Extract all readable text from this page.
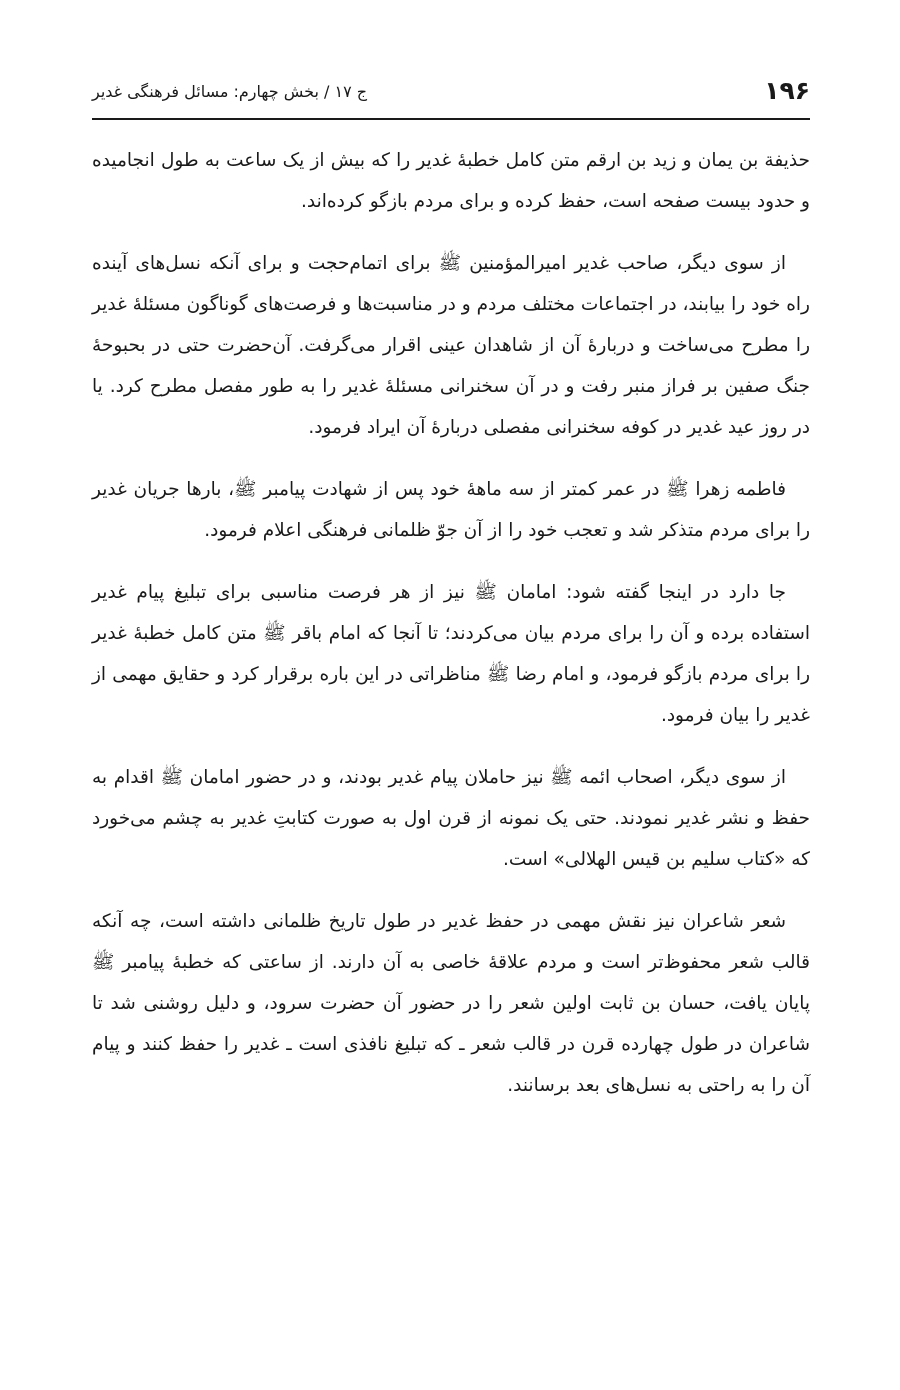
۱۹۶
ج ۱۷ / بخش چهارم: مسائل فرهنگی غدیر

حذیفة بن یمان و زید بن ارقم متن کامل خطبهٔ غدیر را که بیش از یک ساعت به طول انجامیده و حدود بیست صفحه است، حفظ کرده و برای مردم بازگو کرده‌اند.

از سوی دیگر، صاحب غدیر امیرالمؤمنین ﷺ برای اتمام‌حجت و برای آنکه نسل‌های آینده راه خود را بیابند، در اجتماعات مختلف مردم و در مناسبت‌ها و فرصت‌های گوناگون مسئلهٔ غدیر را مطرح می‌ساخت و دربارهٔ آن از شاهدان عینی اقرار می‌گرفت. آن‌حضرت حتی در بحبوحهٔ جنگ صفین بر فراز منبر رفت و در آن سخنرانی مسئلهٔ غدیر را به طور مفصل مطرح کرد. یا در روز عید غدیر در کوفه سخنرانی مفصلی دربارهٔ آن ایراد فرمود.

فاطمه زهرا ﷺ در عمر کمتر از سه ماههٔ خود پس از شهادت پیامبر ﷺ، بارها جریان غدیر را برای مردم متذکر شد و تعجب خود را از آن جوّ ظلمانی فرهنگی اعلام فرمود.

جا دارد در اینجا گفته شود: امامان ﷺ نیز از هر فرصت مناسبی برای تبلیغ پیام غدیر استفاده برده و آن را برای مردم بیان می‌کردند؛ تا آنجا که امام باقر ﷺ متن کامل خطبهٔ غدیر را برای مردم بازگو فرمود، و امام رضا ﷺ مناظراتی در این باره برقرار کرد و حقایق مهمی از غدیر را بیان فرمود.

از سوی دیگر، اصحاب ائمه ﷺ نیز حاملان پیام غدیر بودند، و در حضور امامان ﷺ اقدام به حفظ و نشر غدیر نمودند. حتی یک نمونه از قرن اول به صورت کتابتِ غدیر به چشم می‌خورد که «کتاب سلیم بن قیس الهلالی» است.

شعر شاعران نیز نقش مهمی در حفظ غدیر در طول تاریخ ظلمانی داشته است، چه آنکه قالب شعر محفوظ‌تر است و مردم علاقهٔ خاصی به آن دارند. از ساعتی که خطبهٔ پیامبر ﷺ پایان یافت، حسان بن ثابت اولین شعر را در حضور آن حضرت سرود، و دلیل روشنی شد تا شاعران در طول چهارده قرن در قالب شعر ـ که تبلیغ نافذی است ـ غدیر را حفظ کنند و پیام آن را به راحتی به نسل‌های بعد برسانند.
